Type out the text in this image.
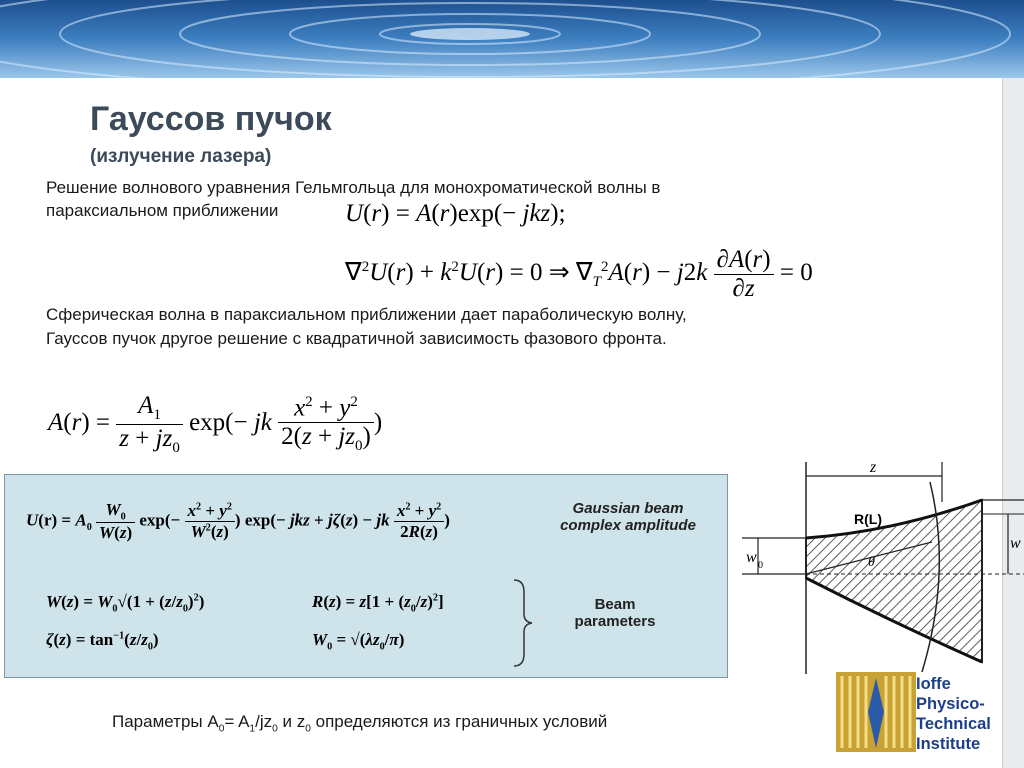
Гауссов пучок
(излучение лазера)
Решение волнового уравнения Гельмгольца для монохроматической волны в
параксиальном приближении	U(r) = A(r)exp(− jkz);
$\nabla^2U(r) + k^2U(r) = 0$ ⇒ $\nabla_T^2A(r) - j2k \frac{\partial A(r)}{\partial z} = 0$
Сферическая волна в параксиальном приближении дает параболическую волну,
Гауссов пучок другое решение с квадратичной зависимость фазового фронта.
$A(r) = \frac{A_1}{z + jz_0} \exp(-$ jk $\frac{x^2 + y^2}{2(z + jz_0)}$ )
$U(r) = A_0 \frac{W_0}{W(z)} \exp(- \frac{x^2 + y^2}{W^2(z)}$ ) exp(− jkz + jζ(z) − jk $\frac{x^2 + y^2}{2R(z)}$ )
Gaussian beam
complex amplitude
$W(z) = W_0√(1 + (z/z_0)^2)$	$R(z) = z[1 + (z_0/z)^2]$
$\zeta(z) = \tan^{-1}(z/z_0)$	$W_0 = √(\lambda z_0/\pi)$
Beam
parameters
z
w 0	θ
R(L)
w
Ioffe
Physico-
Technical
Institute
Параметры $A_0= A_1/jz_0$ и $z_0$ определяются из граничных условий
